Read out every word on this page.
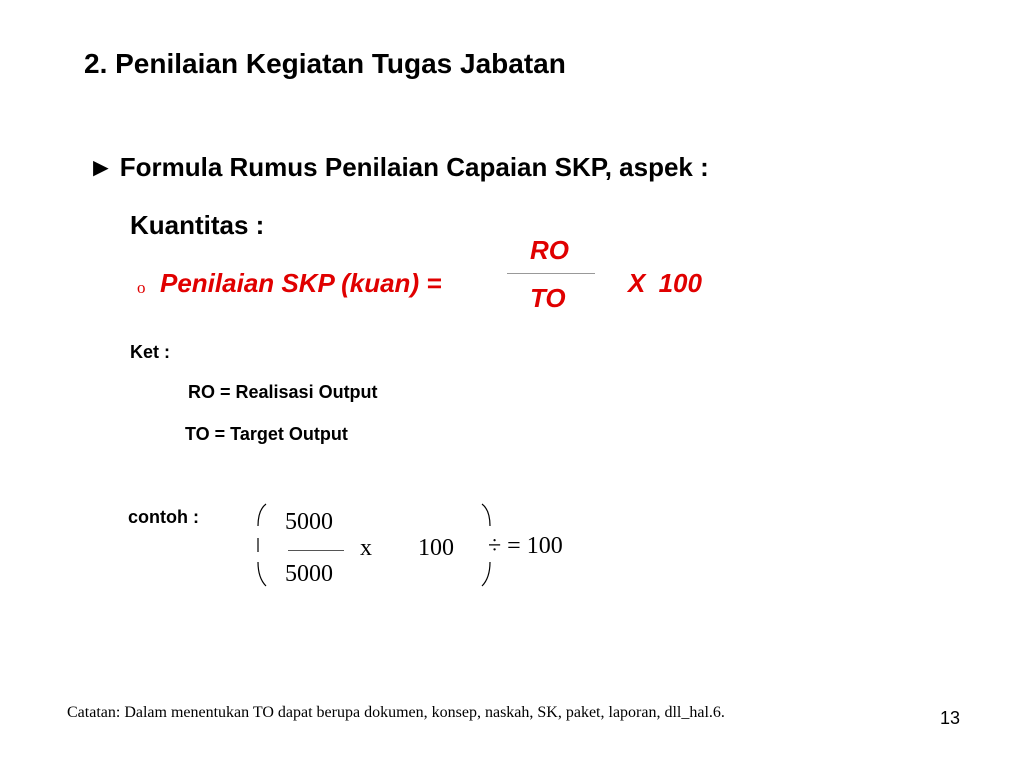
2. Penilaian Kegiatan Tugas Jabatan
► Formula Rumus Penilaian Capaian SKP, aspek :
Kuantitas :
o Penilaian SKP (kuan) =
RO
TO X 100
Ket :
RO = Realisasi Output
TO = Target Output
contoh :	5000
5000
x 100 ÷ = 100
Catatan: Dalam menentukan TO dapat berupa dokumen, konsep, naskah, SK, paket, laporan, dll_hal.6.	13
